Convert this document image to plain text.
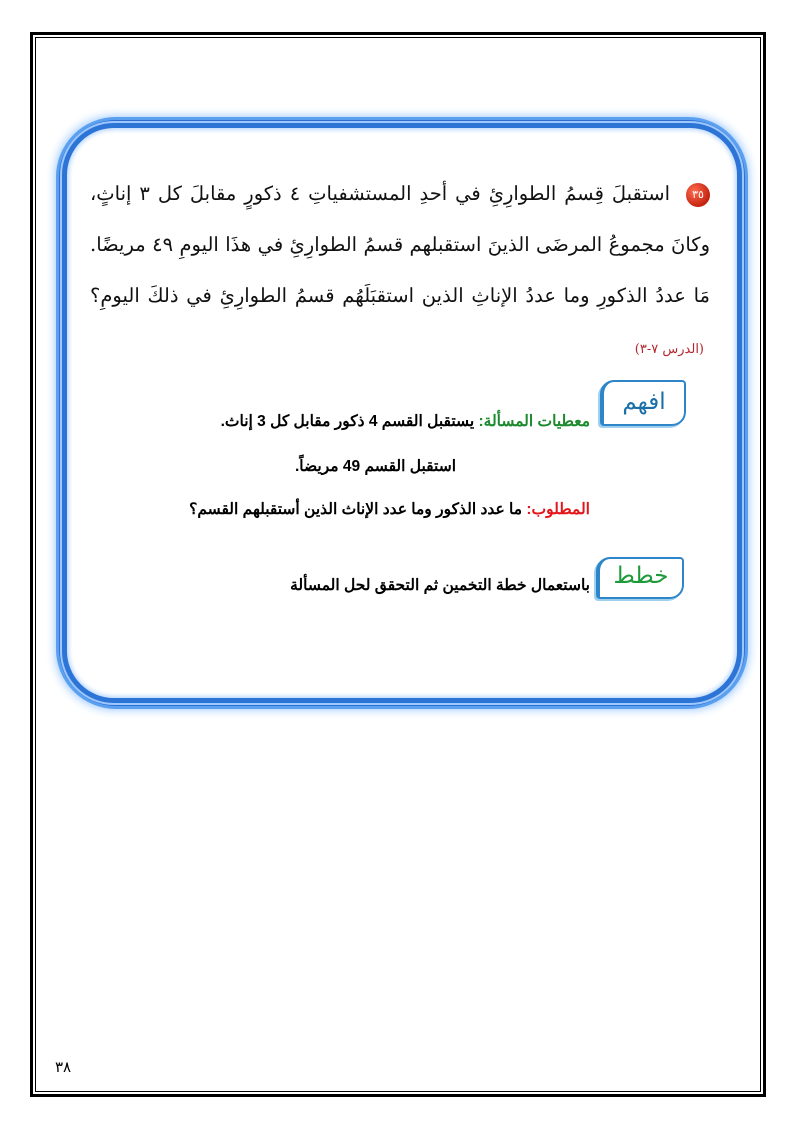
٣٥ استقبلَ قِسمُ الطوارِئِ في أحدِ المستشفياتِ ٤ ذكورٍ مقابلَ كل ٣ إناثٍ، وكانَ مجموعُ المرضَى الذينَ استقبلهم قسمُ الطوارِئِ في هذَا اليومِ ٤٩ مريضًا. مَا عددُ الذكورِ وما عددُ الإناثِ الذين استقبَلَهُم قسمُ الطوارِئِ في ذلكَ اليومِ؟ (الدرس ٧-٣)
افهم
معطيات المسألة: يستقبل القسم 4 ذكور مقابل كل 3 إناث.
استقبل القسم 49 مريضاً.
المطلوب: ما عدد الذكور وما عدد الإناث الذين أستقبلهم القسم؟
خطط
باستعمال خطة التخمين ثم التحقق لحل المسألة
٣٨
